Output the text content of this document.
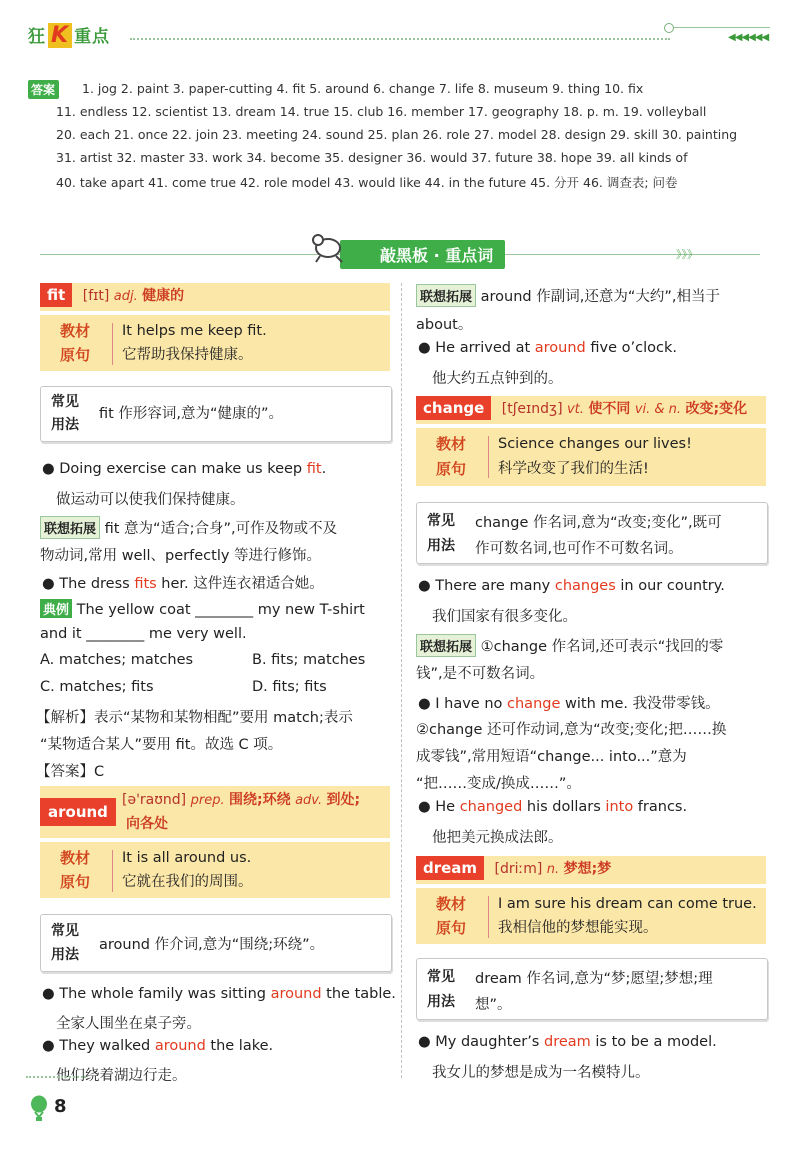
狂 K 重点	◀◀◀◀◀◀
答案	1. jog 2. paint 3. paper-cutting 4. fit 5. around 6. change 7. life 8. museum 9. thing 10. fix
11. endless 12. scientist 13. dream 14. true 15. club 16. member 17. geography 18. p. m. 19. volleyball
20. each 21. once 22. join 23. meeting 24. sound 25. plan 26. role 27. model 28. design 29. skill 30. painting
31. artist 32. master 33. work 34. become 35. designer 36. would 37. future 38. hope 39. all kinds of
40. take apart 41. come true 42. role model 43. would like 44. in the future 45. 分开 46. 调查表; 问卷
敲黑板 · 重点词	》》》
fit [fɪt] adj. 健康的
教材
原句
It helps me keep fit.
它帮助我保持健康。
常见
用法
fit 作形容词,意为“健康的”。
● Doing exercise can make us keep fit.
做运动可以使我们保持健康。
联想拓展 fit 意为“适合;合身”,可作及物或不及
物动词,常用 well、perfectly 等进行修饰。
● The dress fits her. 这件连衣裙适合她。
典例 The yellow coat ________ my new T-shirt
and it ________ me very well.
A. matches; matches	B. fits; matches
C. matches; fits	D. fits; fits
【解析】表示“某物和某物相配”要用 match;表示
“某物适合某人”要用 fit。故选 C 项。
【答案】C
around
[ə'raʊnd] prep. 围绕;环绕 adv. 到处;
向各处
教材
原句
It is all around us.
它就在我们的周围。
常见
用法
around 作介词,意为“围绕;环绕”。
● The whole family was sitting around the table.
全家人围坐在桌子旁。
● They walked around the lake.
他们绕着湖边行走。
联想拓展 around 作副词,还意为“大约”,相当于
about。
● He arrived at around five o’clock.
他大约五点钟到的。
change [tʃeɪndʒ] vt. 使不同 vi. & n. 改变;变化
教材
原句
Science changes our lives!
科学改变了我们的生活!
常见
用法
change 作名词,意为“改变;变化”,既可
作可数名词,也可作不可数名词。
● There are many changes in our country.
我们国家有很多变化。
联想拓展 ①change 作名词,还可表示“找回的零
钱”,是不可数名词。
● I have no change with me. 我没带零钱。
②change 还可作动词,意为“改变;变化;把……换
成零钱”,常用短语“change... into...”意为
“把……变成/换成……”。
● He changed his dollars into francs.
他把美元换成法郎。
dream [driːm] n. 梦想;梦
教材
原句
I am sure his dream can come true.
我相信他的梦想能实现。
常见
用法
dream 作名词,意为“梦;愿望;梦想;理
想”。
● My daughter’s dream is to be a model.
我女儿的梦想是成为一名模特儿。
8
